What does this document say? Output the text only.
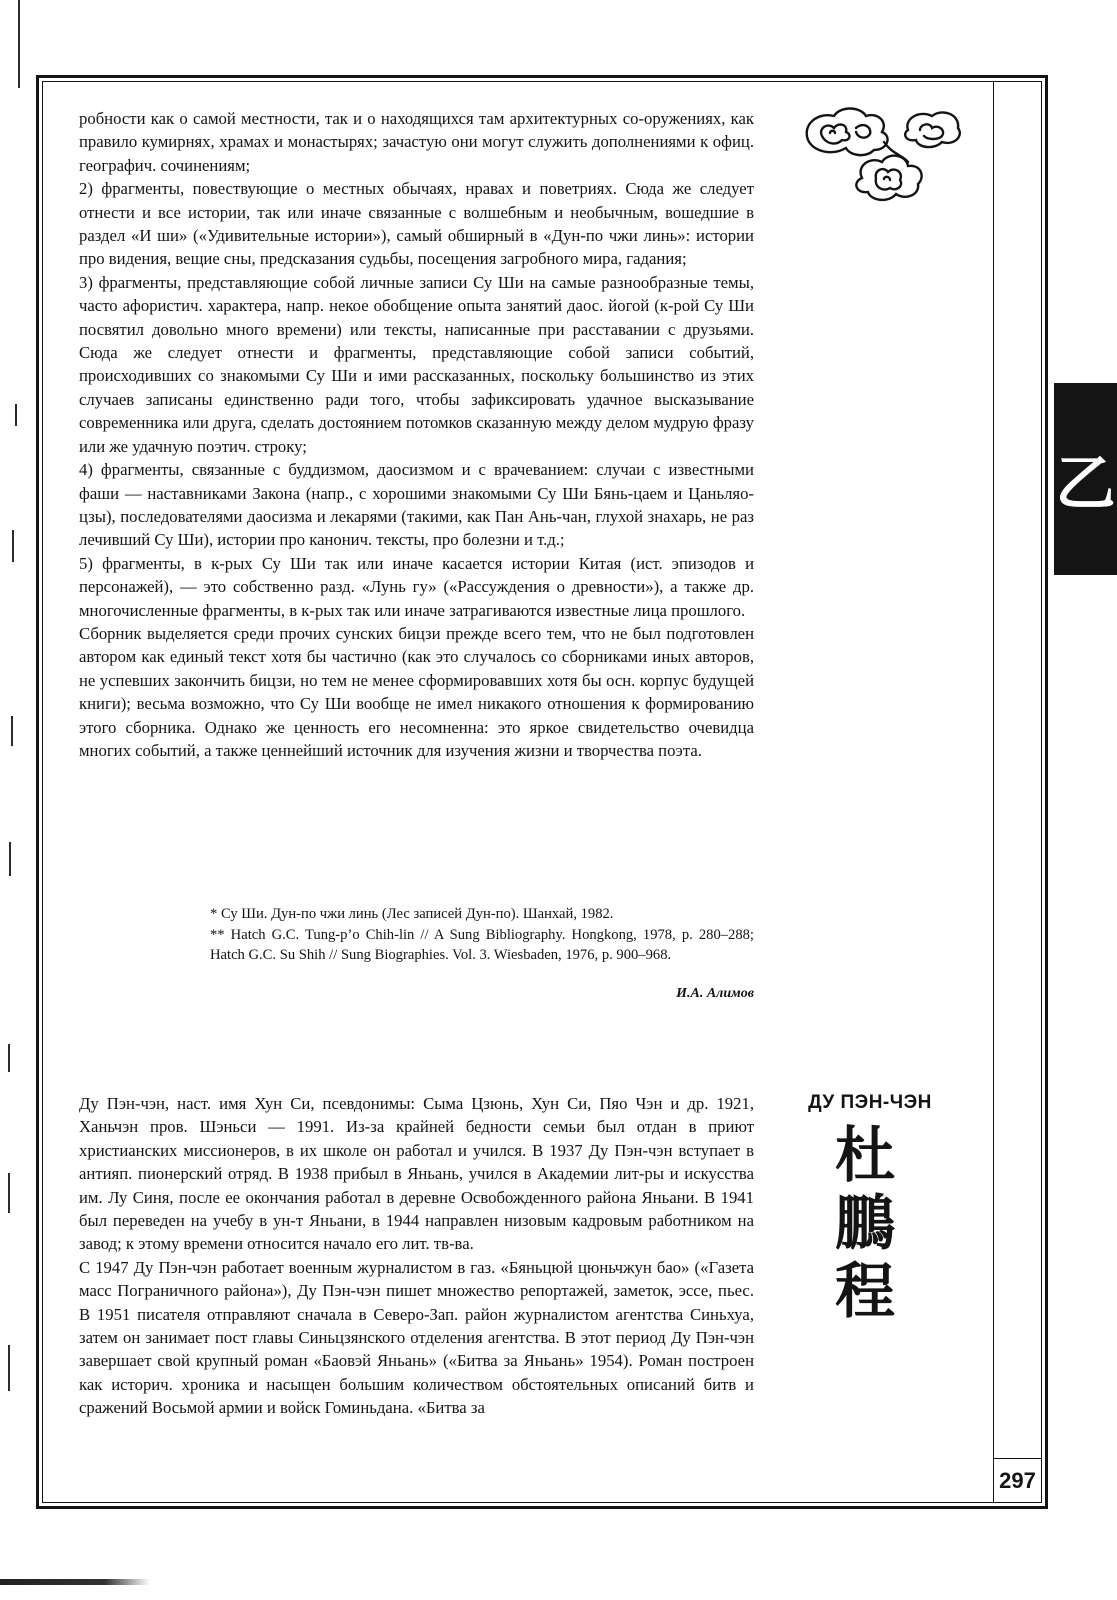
297
乙

робности как о самой местности, так и о находящихся там архитектурных со-оружениях, как правило кумирнях, храмах и монастырях; зачастую они могут служить дополнениями к офиц. географич. сочинениям;

2) фрагменты, повествующие о местных обычаях, нравах и поветриях. Сюда же следует отнести и все истории, так или иначе связанные с волшебным и необычным, вошедшие в раздел «И ши» («Удивительные истории»), самый обширный в «Дун-по чжи линь»: истории про видения, вещие сны, предсказания судьбы, посещения загробного мира, гадания;

3) фрагменты, представляющие собой личные записи Су Ши на самые разнообразные темы, часто афористич. характера, напр. некое обобщение опыта занятий даос. йогой (к-рой Су Ши посвятил довольно много времени) или тексты, написанные при расставании с друзьями. Сюда же следует отнести и фрагменты, представляющие собой записи событий, происходивших со знакомыми Су Ши и ими рассказанных, поскольку большинство из этих случаев записаны единственно ради того, чтобы зафиксировать удачное высказывание современника или друга, сделать достоянием потомков сказанную между делом мудрую фразу или же удачную поэтич. строку;

4) фрагменты, связанные с буддизмом, даосизмом и с врачеванием: случаи с известными фаши — наставниками Закона (напр., с хорошими знакомыми Су Ши Бянь-цаем и Цаньляо-цзы), последователями даосизма и лекарями (такими, как Пан Ань-чан, глухой знахарь, не раз лечивший Су Ши), истории про канонич. тексты, про болезни и т.д.;

5) фрагменты, в к-рых Су Ши так или иначе касается истории Китая (ист. эпизодов и персонажей), — это собственно разд. «Лунь гу» («Рассуждения о древности»), а также др. многочисленные фрагменты, в к-рых так или иначе затрагиваются известные лица прошлого.

Сборник выделяется среди прочих сунских бицзи прежде всего тем, что не был подготовлен автором как единый текст хотя бы частично (как это случалось со сборниками иных авторов, не успевших закончить бицзи, но тем не менее сформировавших хотя бы осн. корпус будущей книги); весьма возможно, что Су Ши вообще не имел никакого отношения к формированию этого сборника. Однако же ценность его несомненна: это яркое свидетельство очевидца многих событий, а также ценнейший источник для изучения жизни и творчества поэта.

* Су Ши. Дун-по чжи линь (Лес записей Дун-по). Шанхай, 1982.

** Hatch G.C. Tung-p’o Chih-lin // A Sung Bibliography. Hongkong, 1978, p. 280–288; Hatch G.C. Su Shih // Sung Biographies. Vol. 3. Wiesbaden, 1976, p. 900–968.

И.А. Алимов
ДУ ПЭН-ЧЭН
杜
鵬
程

Ду Пэн-чэн, наст. имя Хун Си, псевдонимы: Сыма Цзюнь, Хун Си, Пяо Чэн и др. 1921, Ханьчэн пров. Шэньси — 1991. Из-за крайней бедности семьи был отдан в приют христианских миссионеров, в их школе он работал и учился. В 1937 Ду Пэн-чэн вступает в антияп. пионерский отряд. В 1938 прибыл в Яньань, учился в Академии лит-ры и искусства им. Лу Синя, после ее окончания работал в деревне Освобожденного района Яньани. В 1941 был переведен на учебу в ун-т Яньани, в 1944 направлен низовым кадровым работником на завод; к этому времени относится начало его лит. тв-ва.

С 1947 Ду Пэн-чэн работает военным журналистом в газ. «Бяньцюй цюньчжун бао» («Газета масс Пограничного района»), Ду Пэн-чэн пишет множество репортажей, заметок, эссе, пьес. В 1951 писателя отправляют сначала в Северо-Зап. район журналистом агентства Синьхуа, затем он занимает пост главы Синьцзянского отделения агентства. В этот период Ду Пэн-чэн завершает свой крупный роман «Баовэй Яньань» («Битва за Яньань» 1954). Роман построен как историч. хроника и насыщен большим количеством обстоятельных описаний битв и сражений Восьмой армии и войск Гоминьдана. «Битва за
